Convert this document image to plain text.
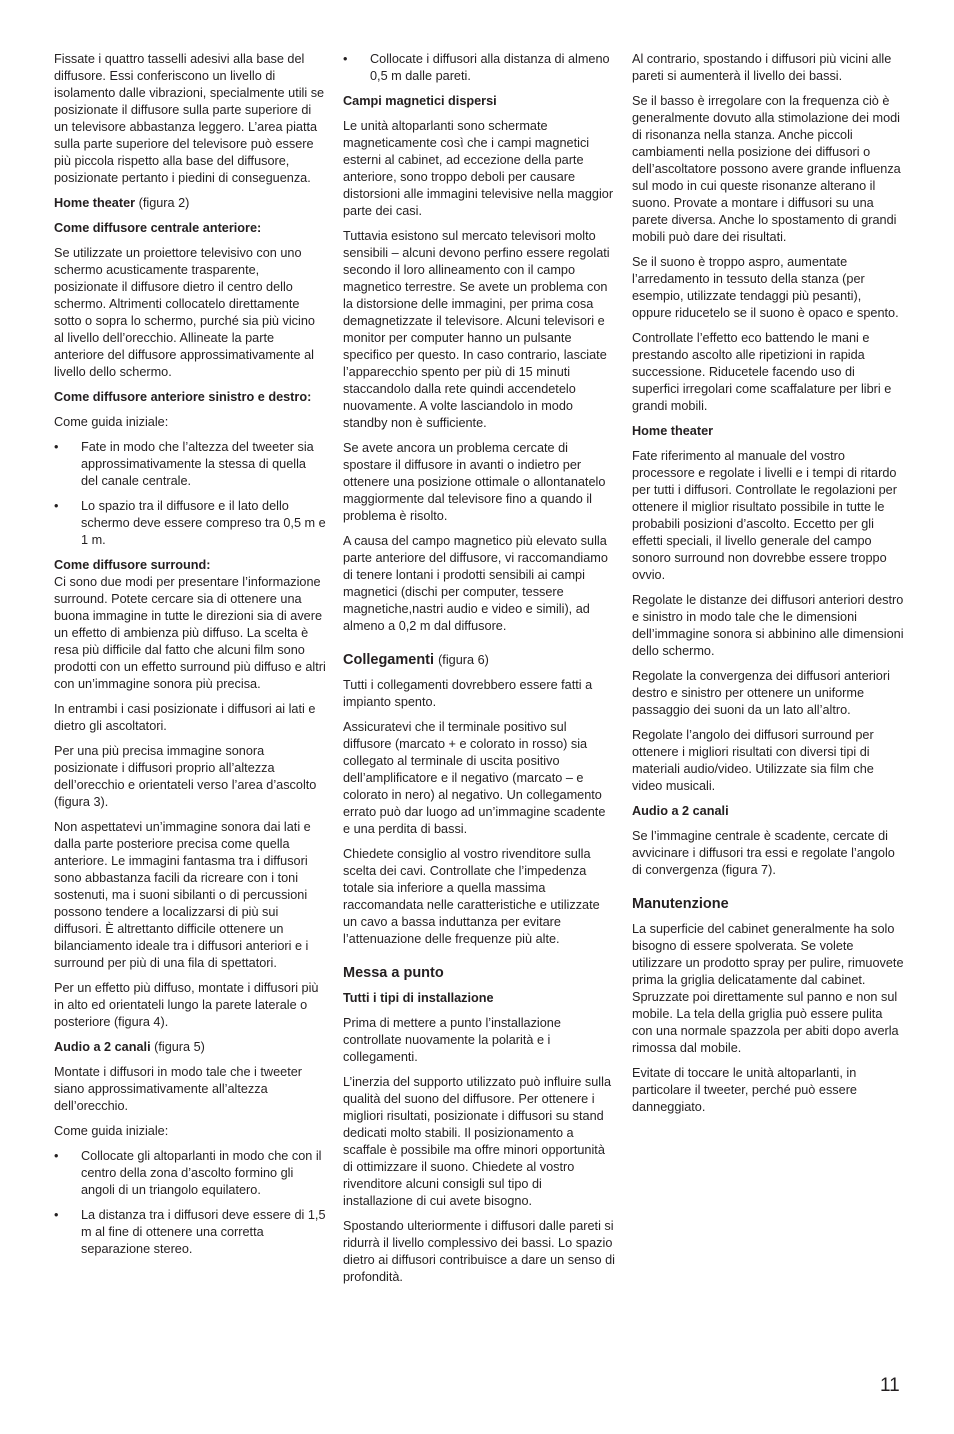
Fissate i quattro tasselli adesivi alla base del diffusore. Essi conferiscono un livello di isolamento dalle vibrazioni, specialmente utili se posizionate il diffusore sulla parte superiore di un televisore abbastanza leggero. L’area piatta sulla parte superiore del televisore può essere più piccola rispetto alla base del diffusore, posizionate pertanto i piedini di conseguenza.

Home theater (figura 2)
Come diffusore centrale anteriore:

Se utilizzate un proiettore televisivo con uno schermo acusticamente trasparente, posizionate il diffusore dietro il centro dello schermo. Altrimenti collocatelo direttamente sotto o sopra lo schermo, purché sia più vicino al livello dell’orecchio. Allineate la parte anteriore del diffusore approssimativamente al livello dello schermo.

Come diffusore anteriore sinistro e destro:

Come guida iniziale:

• Fate in modo che l’altezza del tweeter sia approssimativamente la stessa di quella del canale centrale.
• Lo spazio tra il diffusore e il lato dello schermo deve essere compreso tra 0,5 m e 1 m.
Come diffusore surround:

Ci sono due modi per presentare l’informazione surround. Potete cercare sia di ottenere una buona immagine in tutte le direzioni sia di avere un effetto di ambienza più diffuso. La scelta è resa più difficile dal fatto che alcuni film sono prodotti con un effetto surround più diffuso e altri con un’immagine sonora più precisa.

In entrambi i casi posizionate i diffusori ai lati e dietro gli ascoltatori.

Per una più precisa immagine sonora posizionate i diffusori proprio all’altezza dell’orecchio e orientateli verso l’area d’ascolto (figura 3).

Non aspettatevi un’immagine sonora dai lati e dalla parte posteriore precisa come quella anteriore. Le immagini fantasma tra i diffusori sono abbastanza facili da ricreare con i toni sostenuti, ma i suoni sibilanti o di percussioni possono tendere a localizzarsi di più sui diffusori. È altrettanto difficile ottenere un bilanciamento ideale tra i diffusori anteriori e i surround per più di una fila di spettatori.

Per un effetto più diffuso, montate i diffusori più in alto ed orientateli lungo la parete laterale o posteriore (figura 4).

Audio a 2 canali (figura 5)

Montate i diffusori in modo tale che i tweeter siano approssimativamente all’altezza dell’orecchio.

Come guida iniziale:

• Collocate gli altoparlanti in modo che con il centro della zona d’ascolto formino gli angoli di un triangolo equilatero.
• La distanza tra i diffusori deve essere di 1,5 m al fine di ottenere una corretta separazione stereo.
• Collocate i diffusori alla distanza di almeno 0,5 m dalle pareti.
Campi magnetici dispersi

Le unità altoparlanti sono schermate magneticamente così che i campi magnetici esterni al cabinet, ad eccezione della parte anteriore, sono troppo deboli per causare distorsioni alle immagini televisive nella maggior parte dei casi.

Tuttavia esistono sul mercato televisori molto sensibili – alcuni devono perfino essere regolati secondo il loro allineamento con il campo magnetico terrestre. Se avete un problema con la distorsione delle immagini, per prima cosa demagnetizzate il televisore. Alcuni televisori e monitor per computer hanno un pulsante specifico per questo. In caso contrario, lasciate l’apparecchio spento per più di 15 minuti staccandolo dalla rete quindi accendetelo nuovamente. A volte lasciandolo in modo standby non è sufficiente.

Se avete ancora un problema cercate di spostare il diffusore in avanti o indietro per ottenere una posizione ottimale o allontanatelo maggiormente dal televisore fino a quando il problema è risolto.

A causa del campo magnetico più elevato sulla parte anteriore del diffusore, vi raccomandiamo di tenere lontani i prodotti sensibili ai campi magnetici (dischi per computer, tessere magnetiche,nastri audio e video e simili), ad almeno a 0,2 m dal diffusore.

Collegamenti (figura 6)

Tutti i collegamenti dovrebbero essere fatti a impianto spento.

Assicuratevi che il terminale positivo sul diffusore (marcato + e colorato in rosso) sia collegato al terminale di uscita positivo dell’amplificatore e il negativo (marcato – e colorato in nero) al negativo. Un collegamento errato può dar luogo ad un’immagine scadente e una perdita di bassi.

Chiedete consiglio al vostro rivenditore sulla scelta dei cavi. Controllate che l’impedenza totale sia inferiore a quella massima raccomandata nelle caratteristiche e utilizzate un cavo a bassa induttanza per evitare l’attenuazione delle frequenze più alte.

Messa a punto
Tutti i tipi di installazione

Prima di mettere a punto l’installazione controllate nuovamente la polarità e i collegamenti.

L’inerzia del supporto utilizzato può influire sulla qualità del suono del diffusore. Per ottenere i migliori risultati, posizionate i diffusori su stand dedicati molto stabili. Il posizionamento a scaffale è possibile ma offre minori opportunità di ottimizzare il suono. Chiedete al vostro rivenditore alcuni consigli sul tipo di installazione di cui avete bisogno.

Spostando ulteriormente i diffusori dalle pareti si ridurrà il livello complessivo dei bassi. Lo spazio dietro ai diffusori contribuisce a dare un senso di profondità.

Al contrario, spostando i diffusori più vicini alle pareti si aumenterà il livello dei bassi.

Se il basso è irregolare con la frequenza ciò è generalmente dovuto alla stimolazione dei modi di risonanza nella stanza. Anche piccoli cambiamenti nella posizione dei diffusori o dell’ascoltatore possono avere grande influenza sul modo in cui queste risonanze alterano il suono. Provate a montare i diffusori su una parete diversa. Anche lo spostamento di grandi mobili può dare dei risultati.

Se il suono è troppo aspro, aumentate l’arredamento in tessuto della stanza (per esempio, utilizzate tendaggi più pesanti), oppure riducetelo se il suono è opaco e spento.

Controllate l’effetto eco battendo le mani e prestando ascolto alle ripetizioni in rapida successione. Riducetele facendo uso di superfici irregolari come scaffalature per libri e grandi mobili.

Home theater

Fate riferimento al manuale del vostro processore e regolate i livelli e i tempi di ritardo per tutti i diffusori. Controllate le regolazioni per ottenere il miglior risultato possibile in tutte le probabili posizioni d’ascolto. Eccetto per gli effetti speciali, il livello generale del campo sonoro surround non dovrebbe essere troppo ovvio.

Regolate le distanze dei diffusori anteriori destro e sinistro in modo tale che le dimensioni dell’immagine sonora si abbinino alle dimensioni dello schermo.

Regolate la convergenza dei diffusori anteriori destro e sinistro per ottenere un uniforme passaggio dei suoni da un lato all’altro.

Regolate l’angolo dei diffusori surround per ottenere i migliori risultati con diversi tipi di materiali audio/video. Utilizzate sia film che video musicali.

Audio a 2 canali

Se l’immagine centrale è scadente, cercate di avvicinare i diffusori tra essi e regolate l’angolo di convergenza (figura 7).

Manutenzione

La superficie del cabinet generalmente ha solo bisogno di essere spolverata. Se volete utilizzare un prodotto spray per pulire, rimuovete prima la griglia delicatamente dal cabinet. Spruzzate poi direttamente sul panno e non sul mobile. La tela della griglia può essere pulita con una normale spazzola per abiti dopo averla rimossa dal mobile.

Evitate di toccare le unità altoparlanti, in particolare il tweeter, perché può essere danneggiato.

11
